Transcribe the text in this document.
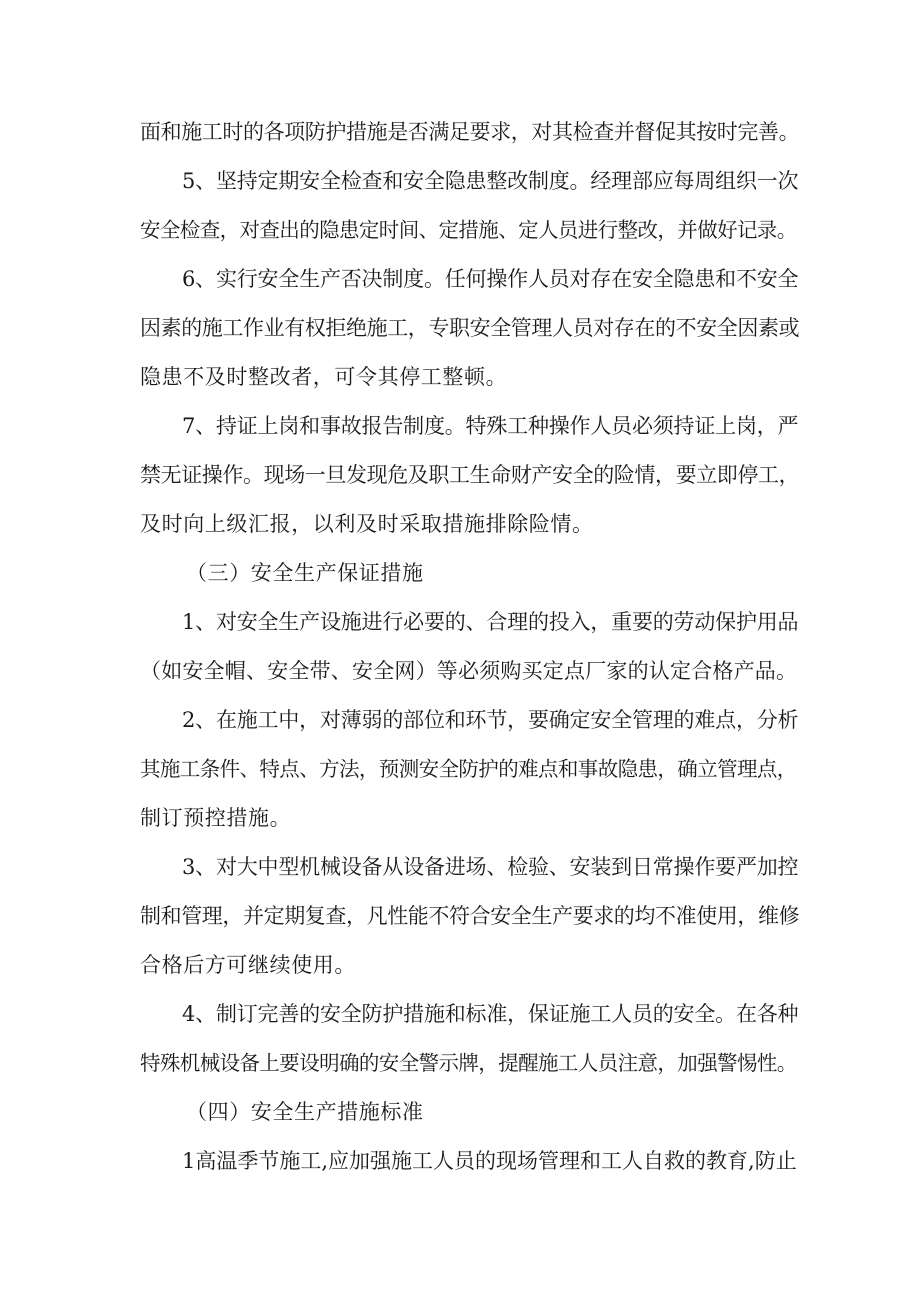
面和施工时的各项防护措施是否满足要求，对其检查并督促其按时完善。
5、坚持定期安全检查和安全隐患整改制度。经理部应每周组织一次
安全检查，对查出的隐患定时间、定措施、定人员进行整改，并做好记录。
6、实行安全生产否决制度。任何操作人员对存在安全隐患和不安全
因素的施工作业有权拒绝施工，专职安全管理人员对存在的不安全因素或
隐患不及时整改者，可令其停工整顿。
7、持证上岗和事故报告制度。特殊工种操作人员必须持证上岗，严
禁无证操作。现场一旦发现危及职工生命财产安全的险情，要立即停工，
及时向上级汇报，以利及时采取措施排除险情。
（三）安全生产保证措施
1、对安全生产设施进行必要的、合理的投入，重要的劳动保护用品
（如安全帽、安全带、安全网）等必须购买定点厂家的认定合格产品。
2、在施工中，对薄弱的部位和环节，要确定安全管理的难点，分析
其施工条件、特点、方法，预测安全防护的难点和事故隐患，确立管理点，
制订预控措施。
3、对大中型机械设备从设备进场、检验、安装到日常操作要严加控
制和管理，并定期复查，凡性能不符合安全生产要求的均不准使用，维修
合格后方可继续使用。
4、制订完善的安全防护措施和标准，保证施工人员的安全。在各种
特殊机械设备上要设明确的安全警示牌，提醒施工人员注意，加强警惕性。
（四）安全生产措施标准
1高温季节施工,应加强施工人员的现场管理和工人自救的教育,防止
